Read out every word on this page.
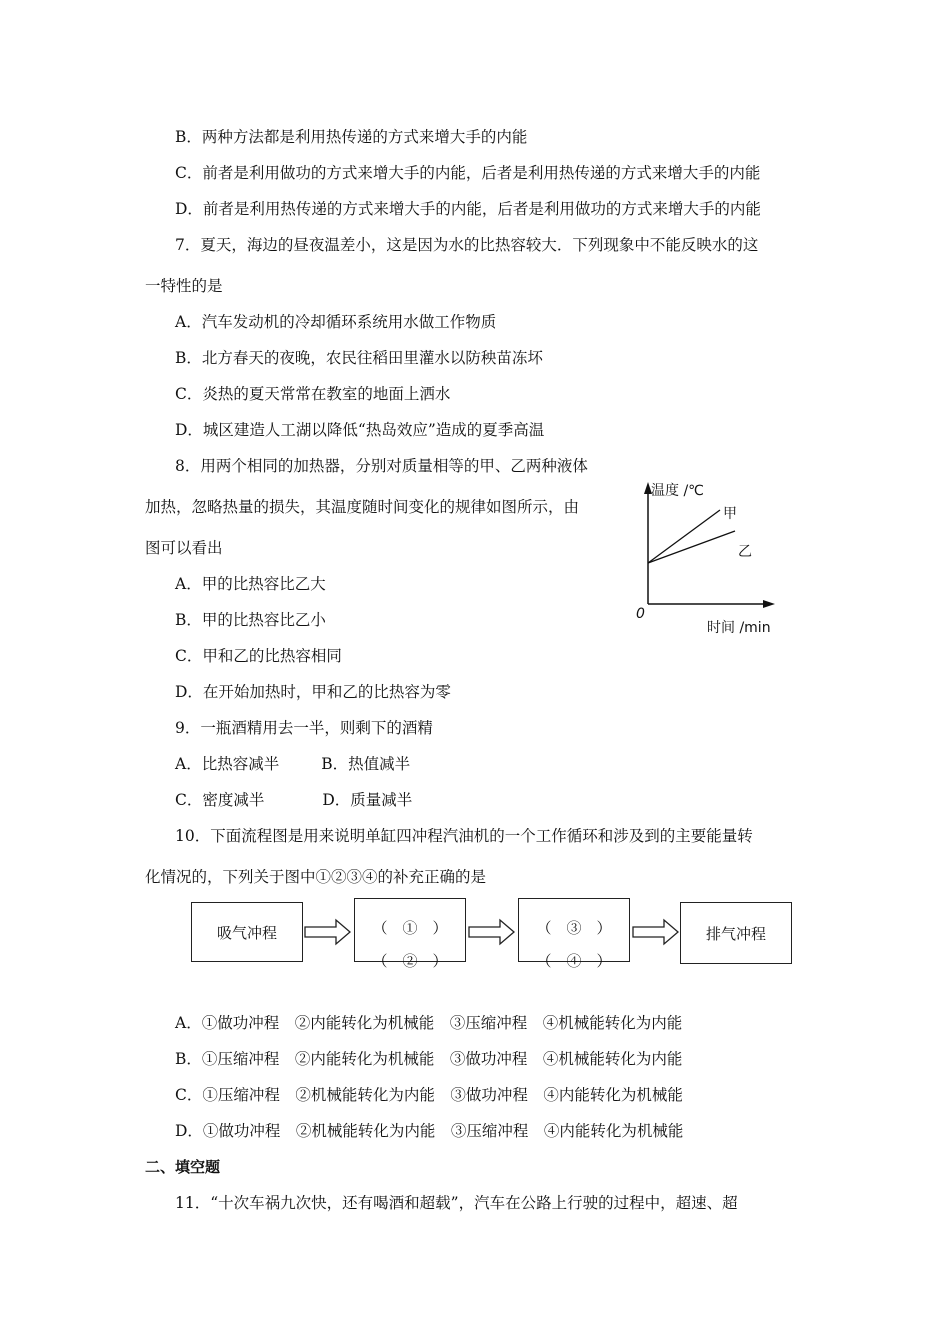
B．两种方法都是利用热传递的方式来增大手的内能
C．前者是利用做功的方式来增大手的内能，后者是利用热传递的方式来增大手的内能
D．前者是利用热传递的方式来增大手的内能，后者是利用做功的方式来增大手的内能
7．夏天，海边的昼夜温差小，这是因为水的比热容较大．下列现象中不能反映水的这
一特性的是
A．汽车发动机的冷却循环系统用水做工作物质
B．北方春天的夜晚，农民往稻田里灌水以防秧苗冻坏
C．炎热的夏天常常在教室的地面上洒水
D．城区建造人工湖以降低“热岛效应”造成的夏季高温
8．用两个相同的加热器，分别对质量相等的甲、乙两种液体
加热，忽略热量的损失，其温度随时间变化的规律如图所示，由
图可以看出
A．甲的比热容比乙大
B．甲的比热容比乙小
C．甲和乙的比热容相同
D．在开始加热时，甲和乙的比热容为零
温度 /℃
甲
乙
0
时间 /min
9．一瓶酒精用去一半，则剩下的酒精
A．比热容减半	B．热值减半
C．密度减半	D．质量减半
10．下面流程图是用来说明单缸四冲程汽油机的一个工作循环和涉及到的主要能量转
化情况的，下列关于图中①②③④的补充正确的是
吸气冲程	（　①　）
（　②　）
（　③　）
（　④　）
排气冲程
A．①做功冲程　②内能转化为机械能　③压缩冲程　④机械能转化为内能
B．①压缩冲程　②内能转化为机械能　③做功冲程　④机械能转化为内能
C．①压缩冲程　②机械能转化为内能　③做功冲程　④内能转化为机械能
D．①做功冲程　②机械能转化为内能　③压缩冲程　④内能转化为机械能
二、填空题
11．“十次车祸九次快，还有喝酒和超载”，汽车在公路上行驶的过程中，超速、超
